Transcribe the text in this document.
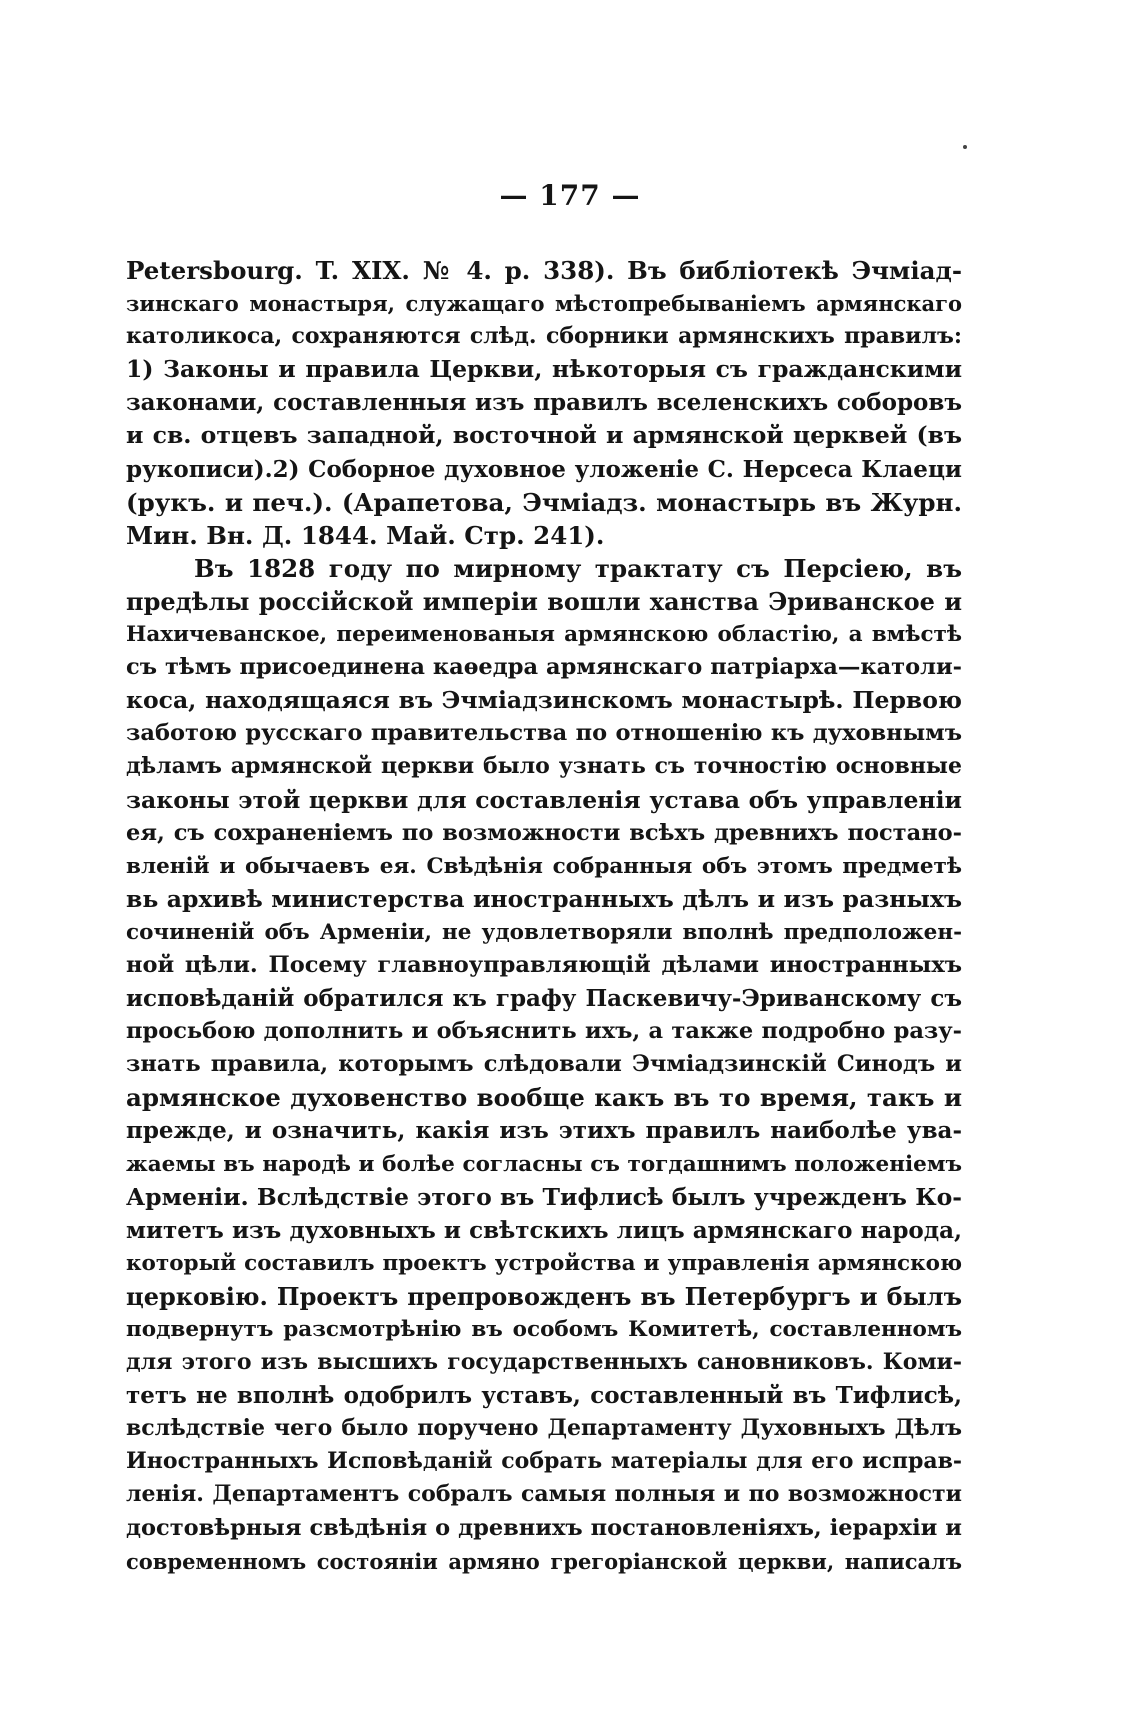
— 177 —
Petersbourg. T. XIX. № 4. p. 338). Въ библіотекѣ Эчміад-
зинскаго монастыря, служащаго мѣстопребываніемъ армянскаго
католикоса, сохраняются слѣд. сборники армянскихъ правилъ:
1) Законы и правила Церкви, нѣкоторыя съ гражданскими
законами, составленныя изъ правилъ вселенскихъ соборовъ
и св. отцевъ западной, восточной и армянской церквей (въ
рукописи).2) Соборное духовное уложеніе С. Нерсеса Клаеци
(рукъ. и печ.). (Арапетова, Эчміадз. монастырь въ Журн.
Мин. Вн. Д. 1844. Май. Стр. 241).
Въ 1828 году по мирному трактату съ Персіею, въ
предѣлы россійской имперіи вошли ханства Эриванское и
Нахичеванское, переименованыя армянскою областію, а вмѣстѣ
съ тѣмъ присоединена каѳедра армянскаго патріарха—католи-
коса, находящаяся въ Эчміадзинскомъ монастырѣ. Первою
заботою русскаго правительства по отношенію къ духовнымъ
дѣламъ армянской церкви было узнать съ точностію основные
законы этой церкви для составленія устава объ управленіи
ея, съ сохраненіемъ по возможности всѣхъ древнихъ постано-
вленій и обычаевъ ея. Свѣдѣнія собранныя объ этомъ предметѣ
вь архивѣ министерства иностранныхъ дѣлъ и изъ разныхъ
сочиненій объ Арменіи, не удовлетворяли вполнѣ предположен-
ной цѣли. Посему главноуправляющій дѣлами иностранныхъ
исповѣданій обратился къ графу Паскевичу-Эриванскому съ
просьбою дополнить и объяснить ихъ, а также подробно разу-
знать правила, которымъ слѣдовали Эчміадзинскій Синодъ и
армянское духовенство вообще какъ въ то время, такъ и
прежде, и означить, какія изъ этихъ правилъ наиболѣе ува-
жаемы въ народѣ и болѣе согласны съ тогдашнимъ положеніемъ
Арменіи. Вслѣдствіе этого въ Тифлисѣ былъ учрежденъ Ко-
митетъ изъ духовныхъ и свѣтскихъ лицъ армянскаго народа,
который составилъ проектъ устройства и управленія армянскою
церковію. Проектъ препровожденъ въ Петербургъ и былъ
подвернутъ разсмотрѣнію въ особомъ Комитетѣ, составленномъ
для этого изъ высшихъ государственныхъ сановниковъ. Коми-
тетъ не вполнѣ одобрилъ уставъ, составленный въ Тифлисѣ,
вслѣдствіе чего было поручено Департаменту Духовныхъ Дѣлъ
Иностранныхъ Исповѣданій собрать матеріалы для его исправ-
ленія. Департаментъ собралъ самыя полныя и по возможности
достовѣрныя свѣдѣнія о древнихъ постановленіяхъ, іерархіи и
современномъ состояніи армяно грегоріанской церкви, написалъ
